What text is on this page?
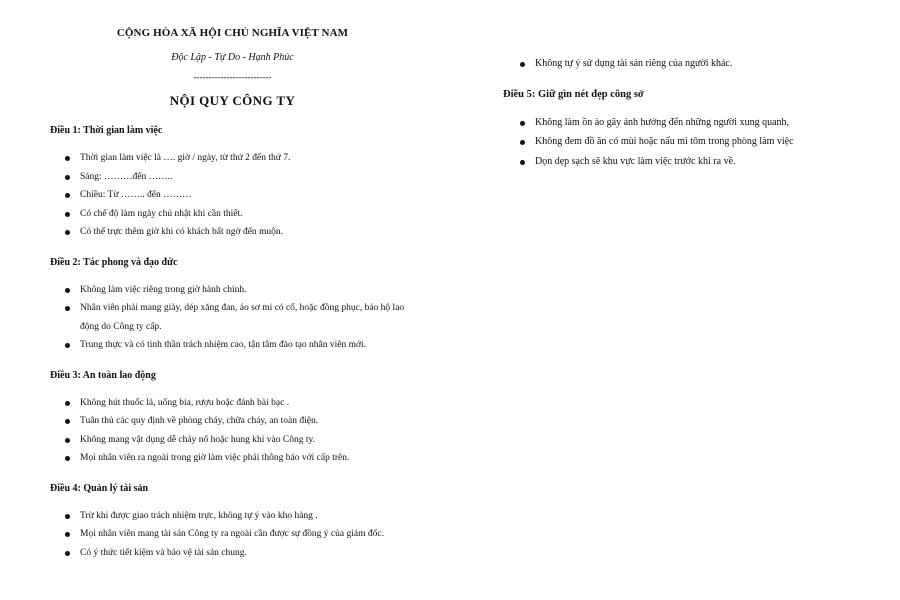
CỘNG HÒA XÃ HỘI CHỦ NGHĨA VIỆT NAM
Độc Lập - Tự Do - Hạnh Phúc
--------------------------
NỘI QUY CÔNG TY
Điều 1: Thời gian làm việc
Thời gian làm việc là …. giờ / ngày, từ thứ 2 đến thứ 7.
Sáng: ………đến ……..
Chiều: Từ …….. đến ………
Có chế độ làm ngày chủ nhật khi cần thiết.
Có thể trực thêm giờ khi có khách bất ngờ đến muộn.
Điều 2: Tác phong và đạo đức
Không làm việc riêng trong giờ hành chính.
Nhân viên phải mang giày, dép xăng đan, áo sơ mi có cổ, hoặc đồng phục, bảo hộ lao động do Công ty cấp.
Trung thực và có tinh thần trách nhiệm cao, tận tâm đào tạo nhân viên mới.
Điều 3: An toàn lao động
Không hút thuốc lá, uống bia, rượu hoặc đánh bài bạc .
Tuân thủ các quy định về phòng cháy, chữa cháy, an toàn điện.
Không mang vật dụng dễ cháy nổ hoặc hung khí vào Công ty.
Mọi nhân viên ra ngoài trong giờ làm việc phải thông báo với cấp trên.
Điều 4: Quản lý tài sản
Trừ khi được giao trách nhiệm trực, không tự ý vào kho hàng .
Mọi nhân viên mang tài sản Công ty ra ngoài cần được sự đồng ý của giám đốc.
Có ý thức tiết kiệm và bảo vệ tài sản chung.
Không tự ý sử dụng tài sản riêng của người khác.
Điều 5: Giữ gìn nét đẹp công sở
Không làm ồn ào gây ảnh hưởng đến những người xung quanh,
Không đem đồ ăn có mùi hoặc nấu mì tôm trong phòng làm việc
Dọn dẹp sạch sẽ khu vực làm việc trước khi ra về.
